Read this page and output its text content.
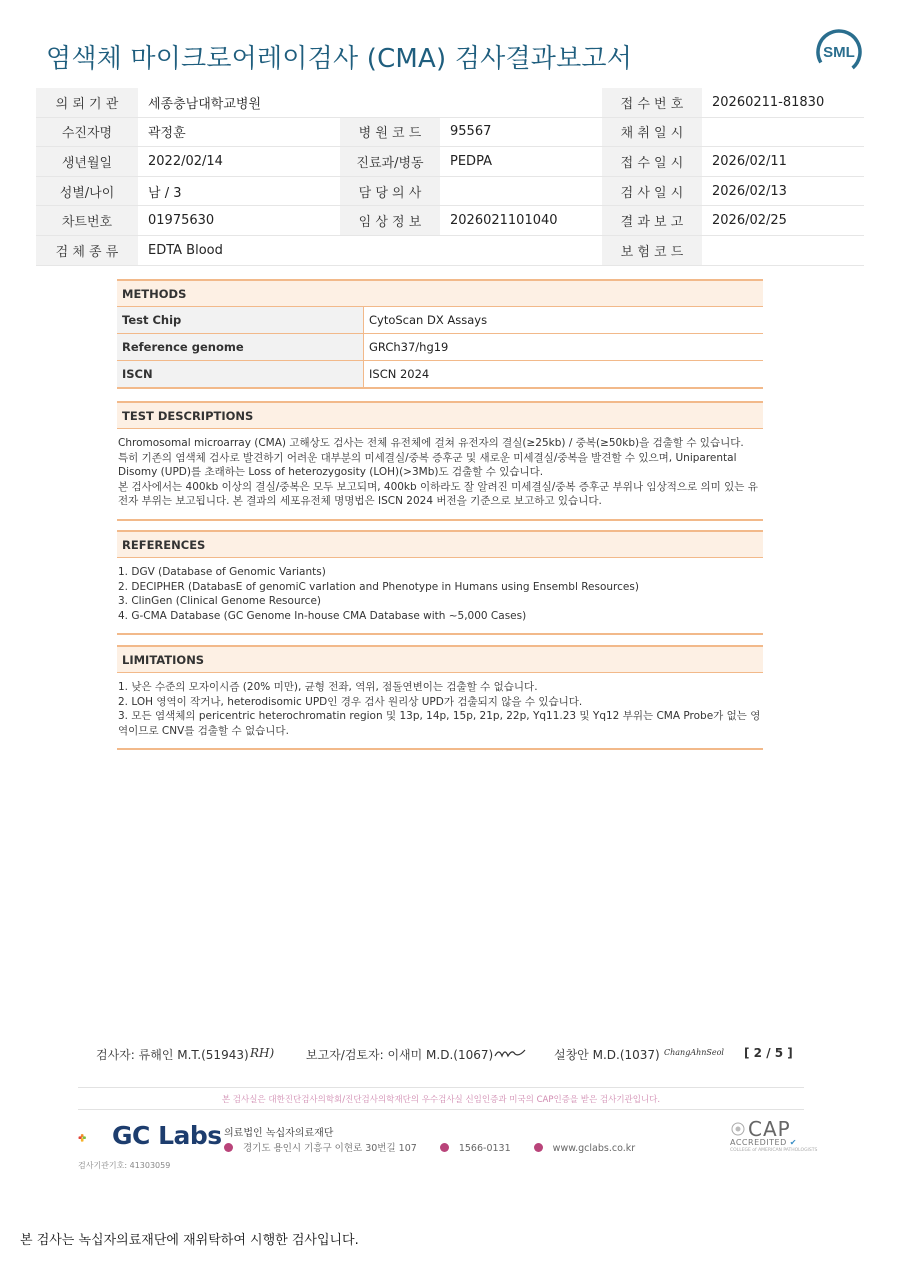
염색체 마이크로어레이검사 (CMA) 검사결과보고서	SML
의 뢰 기 관	세종충남대학교병원			접 수 번 호	20260211-81830
수진자명	곽정훈	병 원 코 드	95567	채 취 일 시	
생년월일	2022/02/14	진료과/병동	PEDPA	접 수 일 시	2026/02/11
성별/나이	남 / 3	담 당 의 사		검 사 일 시	2026/02/13
차트번호	01975630	임 상 정 보	2026021101040	결 과 보 고	2026/02/25
검 체 종 류	EDTA Blood			보 험 코 드	
METHODS
Test Chip	CytoScan DX Assays
Reference genome	GRCh37/hg19
ISCN	ISCN 2024
TEST DESCRIPTIONS
Chromosomal microarray (CMA) 고해상도 검사는 전체 유전체에 걸쳐 유전자의 결실(≥25kb) / 중복(≥50kb)을 검출할 수 있습니다.
특히 기존의 염색체 검사로 발견하기 어려운 대부분의 미세결실/중복 증후군 및 새로운 미세결실/중복을 발견할 수 있으며, Uniparental Disomy (UPD)를 초래하는 Loss of heterozygosity (LOH)(>3Mb)도 검출할 수 있습니다.
본 검사에서는 400kb 이상의 결실/중복은 모두 보고되며, 400kb 이하라도 잘 알려진 미세결실/중복 증후군 부위나 임상적으로 의미 있는 유전자 부위는 보고됩니다. 본 결과의 세포유전체 명명법은 ISCN 2024 버전을 기준으로 보고하고 있습니다.
REFERENCES
1. DGV (Database of Genomic Variants)
2. DECIPHER (DatabasE of genomiC varIation and Phenotype in Humans using Ensembl Resources)
3. ClinGen (Clinical Genome Resource)
4. G-CMA Database (GC Genome In-house CMA Database with ~5,000 Cases)
LIMITATIONS
1. 낮은 수준의 모자이시즘 (20% 미만), 균형 전좌, 역위, 점돌연변이는 검출할 수 없습니다.
2. LOH 영역이 작거나, heterodisomic UPD인 경우 검사 원리상 UPD가 검출되지 않을 수 있습니다.
3. 모든 염색체의 pericentric heterochromatin region 및 13p, 14p, 15p, 21p, 22p, Yq11.23 및 Yq12 부위는 CMA Probe가 없는 영역이므로 CNV를 검출할 수 없습니다.
검사자: 류해인 M.T.(51943) RH)	보고자/검토자: 이새미 M.D.(1067)	설창안 M.D.(1037) ChangAhnSeol [ 2 / 5 ]
본 검사실은 대한진단검사의학회/진단검사의학재단의 우수검사실 신임인증과 미국의 CAP인증을 받은 검사기관입니다.
GC Labs 의료법인 녹십자의료재단
경기도 용인시 기흥구 이현로 30번길 107	1566-0131	www.gclabs.co.kr
검사기관기호: 41303059
CAP
ACCREDITED ✔
COLLEGE of AMERICAN PATHOLOGISTS
본 검사는 녹십자의료재단에 재위탁하여 시행한 검사입니다.
